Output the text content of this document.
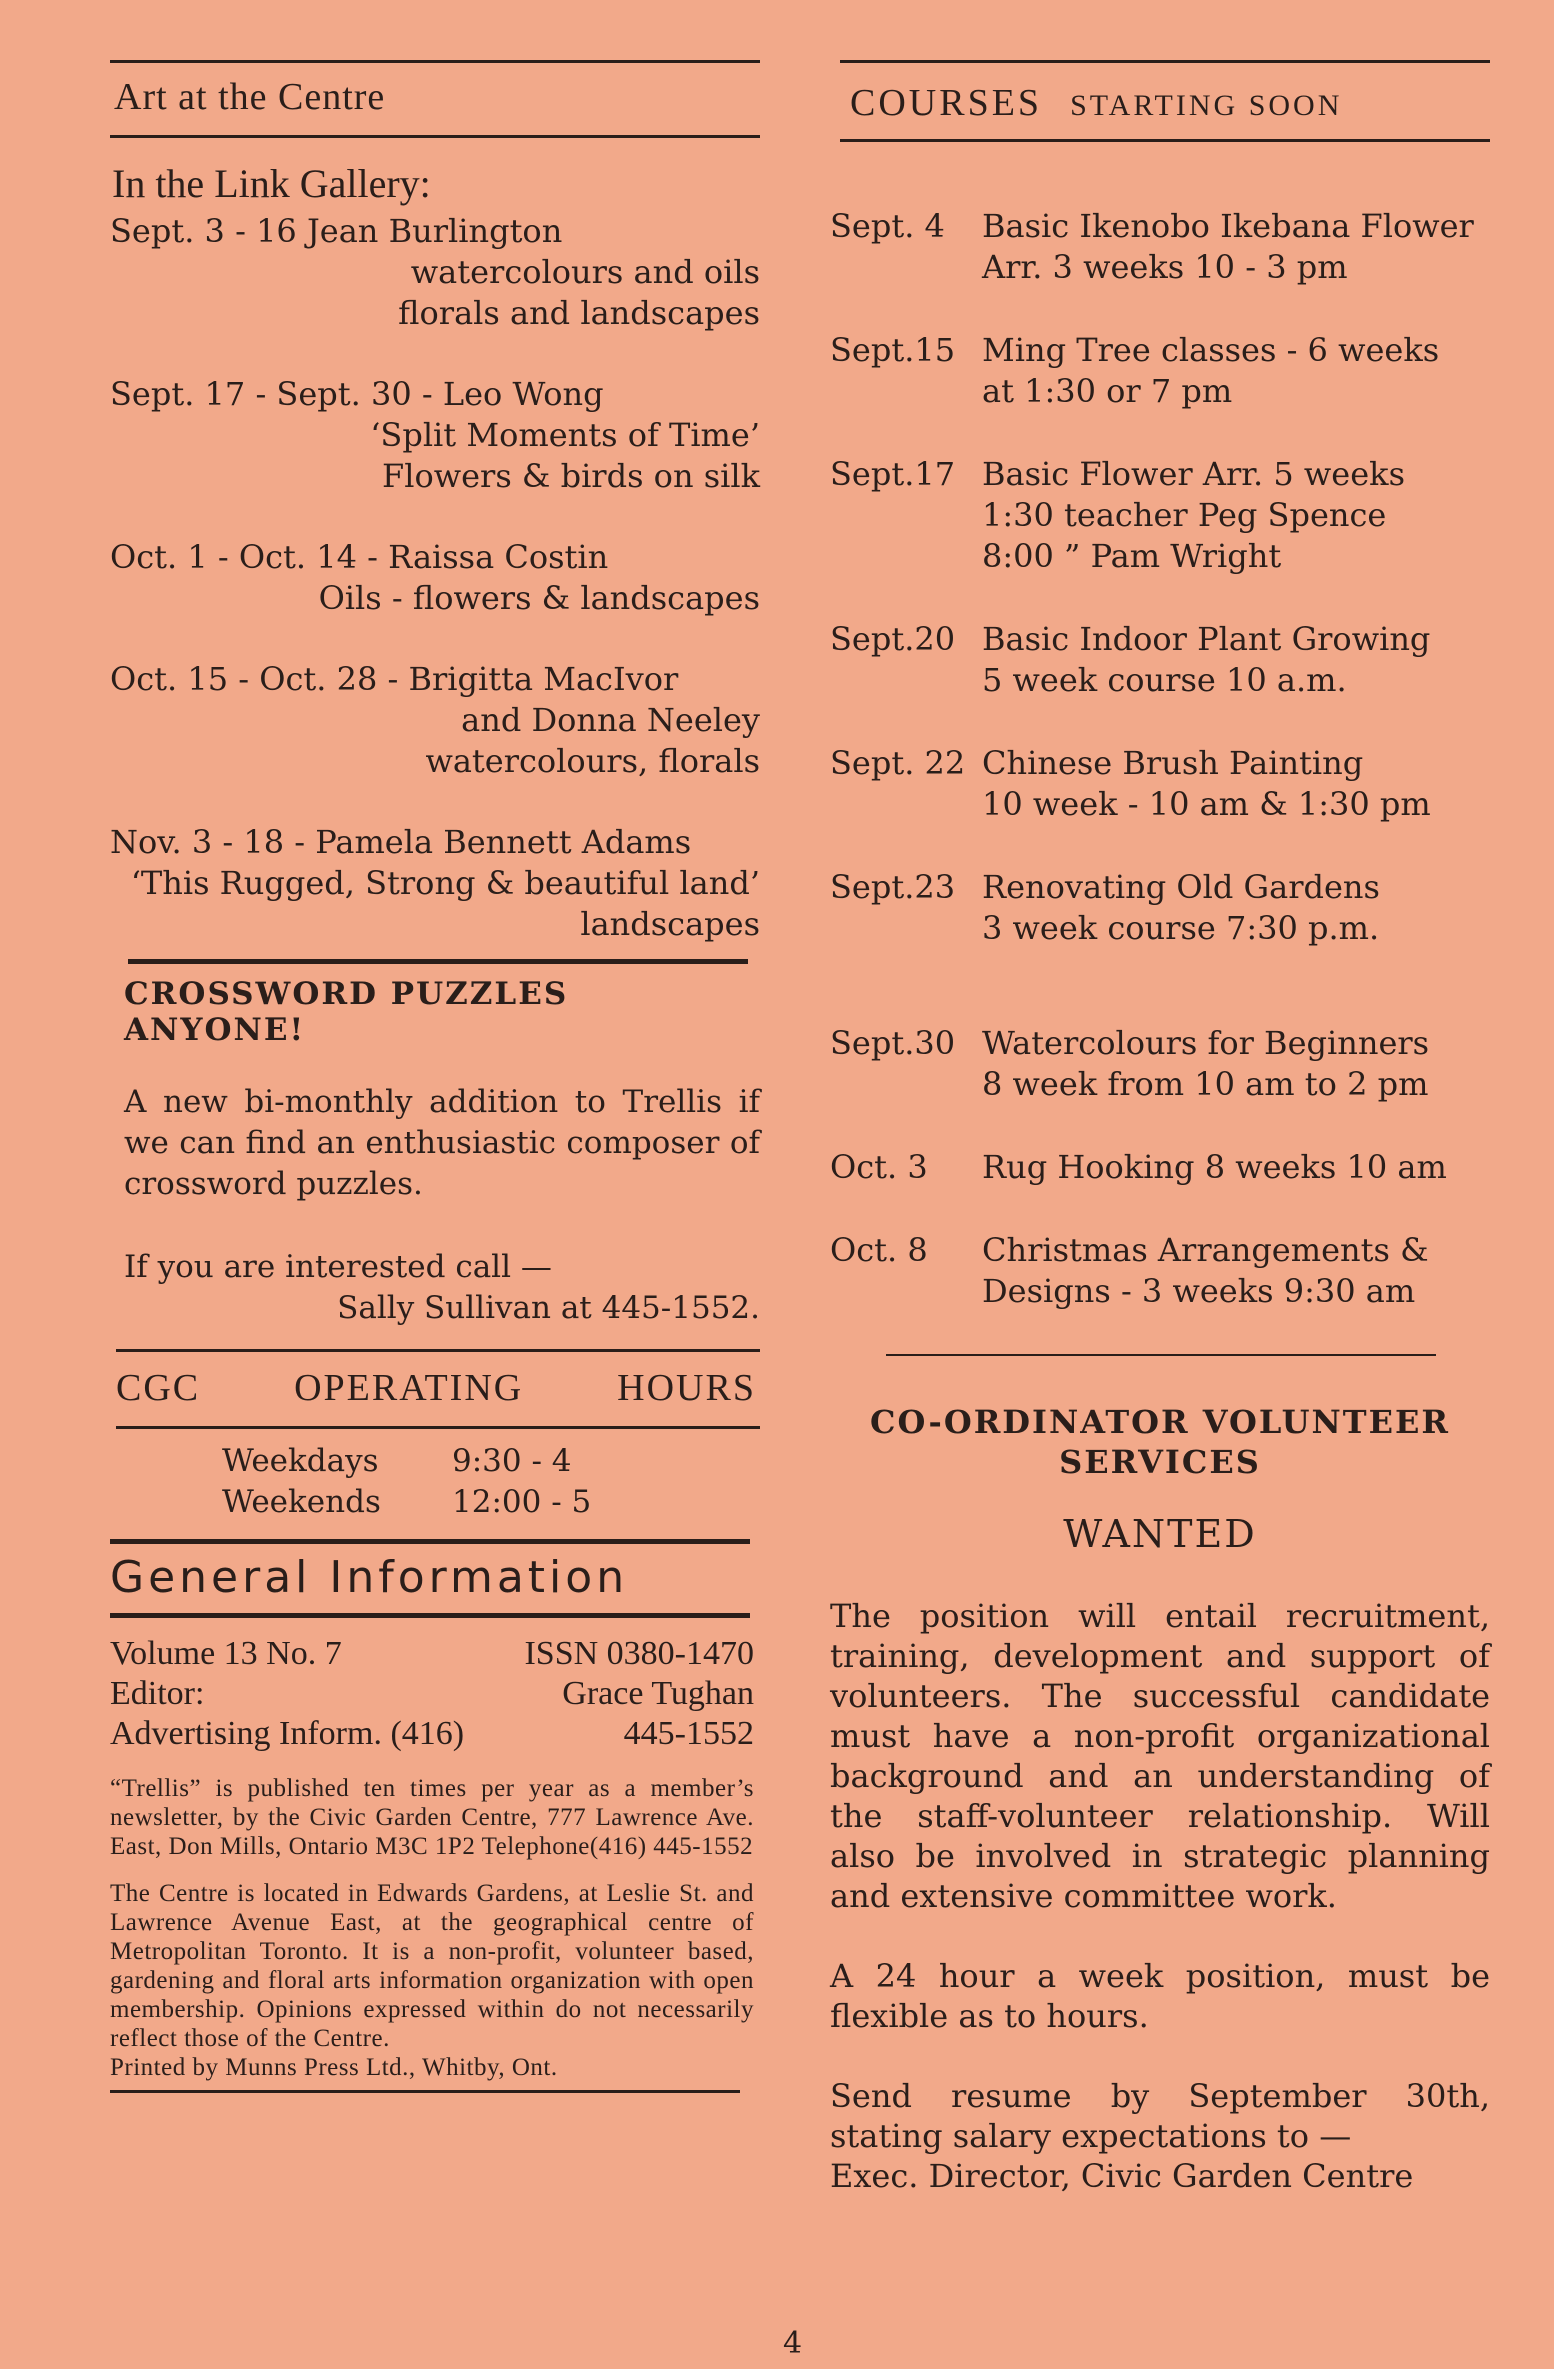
Art at the Centre
In the Link Gallery:
Sept. 3 - 16 Jean Burlington
watercolours and oils
florals and landscapes
Sept. 17 - Sept. 30 - Leo Wong
‘Split Moments of Time’
Flowers & birds on silk
Oct. 1 - Oct. 14 - Raissa Costin
Oils - flowers & landscapes
Oct. 15 - Oct. 28 - Brigitta MacIvor
and Donna Neeley
watercolours, florals
Nov. 3 - 18 - Pamela Bennett Adams
‘This Rugged, Strong & beautiful land’
landscapes
CROSSWORD PUZZLES ANYONE!
A new bi-monthly addition to Trellis if we can find an enthusiastic composer of crossword puzzles.
If you are interested call —
Sally Sullivan at 445-1552.
CGC OPERATING HOURS
Weekdays 9:30 - 4
Weekends 12:00 - 5
General Information
Volume 13 No. 7	ISSN 0380-1470
Editor:	Grace Tughan
Advertising Inform. (416)	445-1552
“Trellis” is published ten times per year as a member’s newsletter, by the Civic Garden Centre, 777 Lawrence Ave. East, Don Mills, Ontario M3C 1P2 Telephone(416) 445-1552
The Centre is located in Edwards Gardens, at Leslie St. and Lawrence Avenue East, at the geographical centre of Metropolitan Toronto. It is a non-profit, volunteer based, gardening and floral arts information organization with open membership. Opinions expressed within do not necessarily reflect those of the Centre.
Printed by Munns Press Ltd., Whitby, Ont.
COURSES STARTING SOON
Sept. 4	Basic Ikenobo Ikebana Flower
Arr. 3 weeks 10 - 3 pm
Sept.15 Ming Tree classes - 6 weeks
at 1:30 or 7 pm
Sept.17 Basic Flower Arr. 5 weeks
1:30 teacher Peg Spence
8:00 ” Pam Wright
Sept.20 Basic Indoor Plant Growing
5 week course 10 a.m.
Sept. 22 Chinese Brush Painting
10 week - 10 am & 1:30 pm
Sept.23 Renovating Old Gardens
3 week course 7:30 p.m.
Sept.30 Watercolours for Beginners
8 week from 10 am to 2 pm
Oct. 3	Rug Hooking 8 weeks 10 am
Oct. 8	Christmas Arrangements &
Designs - 3 weeks 9:30 am
CO-ORDINATOR VOLUNTEER
SERVICES
WANTED
The position will entail recruitment, training, development and support of volunteers. The successful candidate must have a non-profit organizational background and an understanding of the staff-volunteer relationship. Will also be involved in strategic planning and extensive committee work.
A 24 hour a week position, must be flexible as to hours.
Send resume by September 30th, stating salary expectations to —
Exec. Director, Civic Garden Centre
4
